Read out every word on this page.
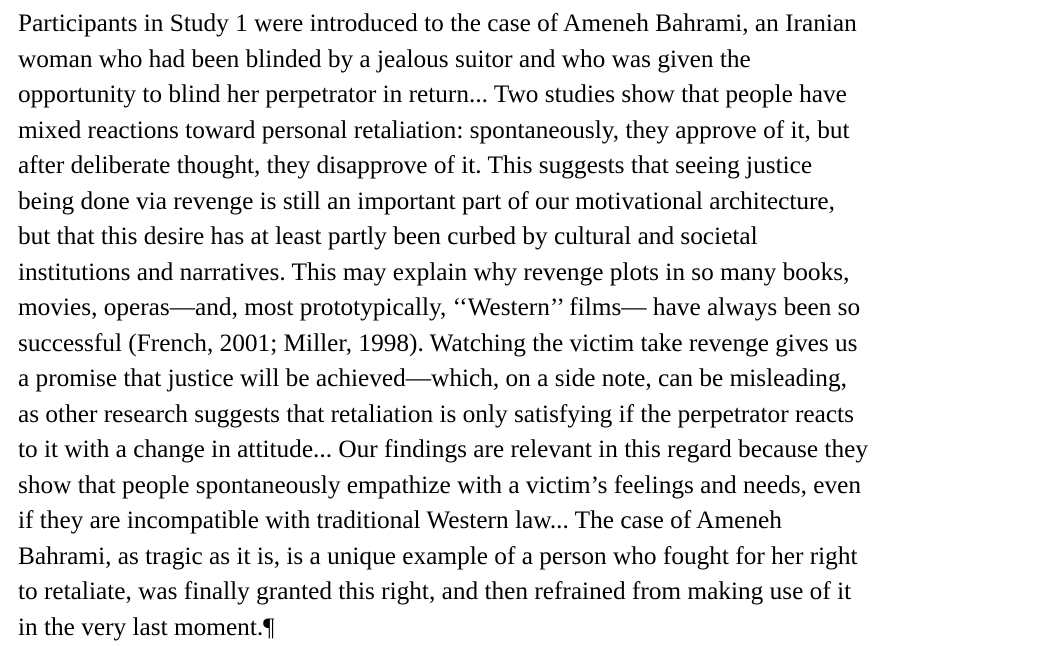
Participants in Study 1 were introduced to the case of Ameneh Bahrami, an Iranian
woman who had been blinded by a jealous suitor and who was given the
opportunity to blind her perpetrator in return... Two studies show that people have
mixed reactions toward personal retaliation: spontaneously, they approve of it, but
after deliberate thought, they disapprove of it. This suggests that seeing justice
being done via revenge is still an important part of our motivational architecture,
but that this desire has at least partly been curbed by cultural and societal
institutions and narratives. This may explain why revenge plots in so many books,
movies, operas—and, most prototypically, ‘‘Western’’ films— have always been so
successful (French, 2001; Miller, 1998). Watching the victim take revenge gives us
a promise that justice will be achieved—which, on a side note, can be misleading,
as other research suggests that retaliation is only satisfying if the perpetrator reacts
to it with a change in attitude... Our findings are relevant in this regard because they
show that people spontaneously empathize with a victim’s feelings and needs, even
if they are incompatible with traditional Western law... The case of Ameneh
Bahrami, as tragic as it is, is a unique example of a person who fought for her right
to retaliate, was finally granted this right, and then refrained from making use of it
in the very last moment.¶
